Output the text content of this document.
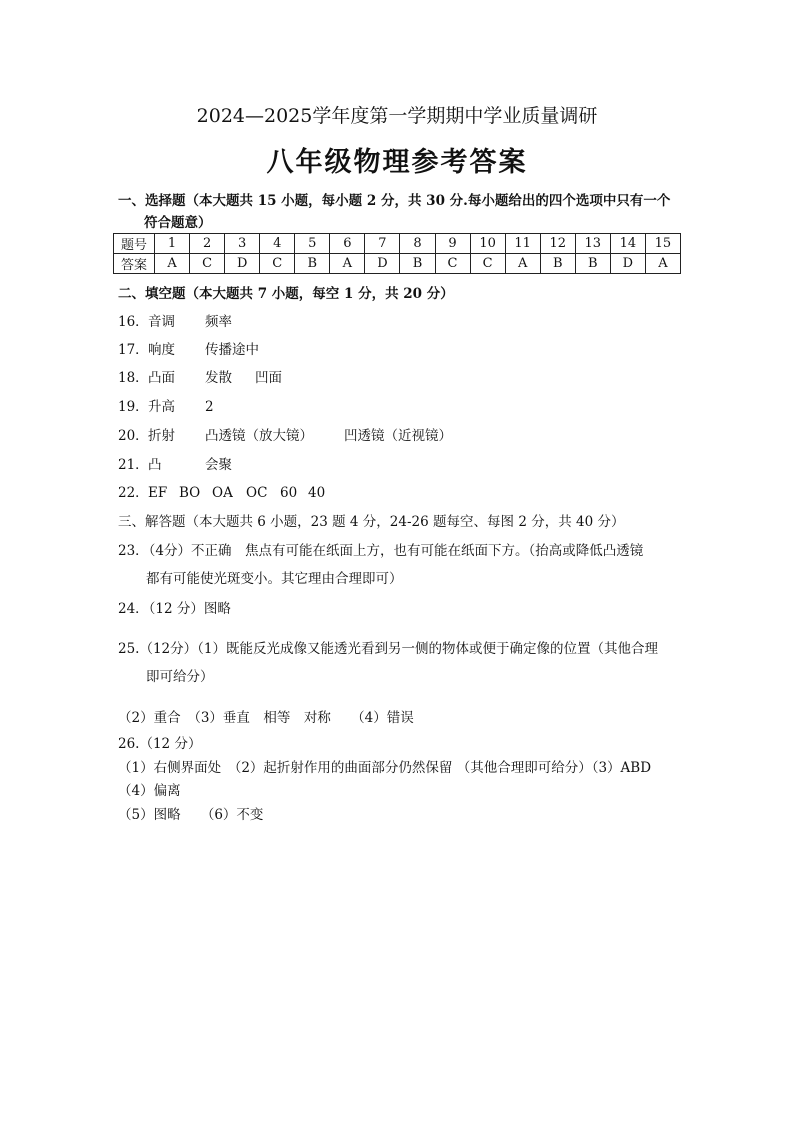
2024—2025学年度第一学期期中学业质量调研
八年级物理参考答案
一、选择题（本大题共 15 小题，每小题 2 分，共 30 分.每小题给出的四个选项中只有一个
符合题意）
题号	1	2	3	4	5	6	7	8	9	10	11	12	13	14	15
答案	A	C	D	C	B	A	D	B	C	C	A	B	B	D	A
二、填空题（本大题共 7 小题，每空 1 分，共 20 分）
16． 音调 频率
17． 响度 传播途中
18． 凸面 发散 凹面
19． 升高 2
20． 折射 凸透镜（放大镜） 凹透镜（近视镜）
21． 凸	会聚
22． EF BO OA OC 60 40
三、解答题（本大题共 6 小题，23 题 4 分，24-26 题每空、每图 2 分，共 40 分）
23．（4分）不正确　焦点有可能在纸面上方，也有可能在纸面下方。（抬高或降低凸透镜
都有可能使光斑变小。其它理由合理即可）
24．（12 分）图略
25.（12分）（1）既能反光成像又能透光看到另一侧的物体或便于确定像的位置（其他合理
即可给分）
（2）重合　（3）垂直　相等　对称　　（4）错误
26.（12 分）
（1）右侧界面处　（2）起折射作用的曲面部分仍然保留 （其他合理即可给分）（3）ABD
（4）偏离
（5）图略　　（6）不变
